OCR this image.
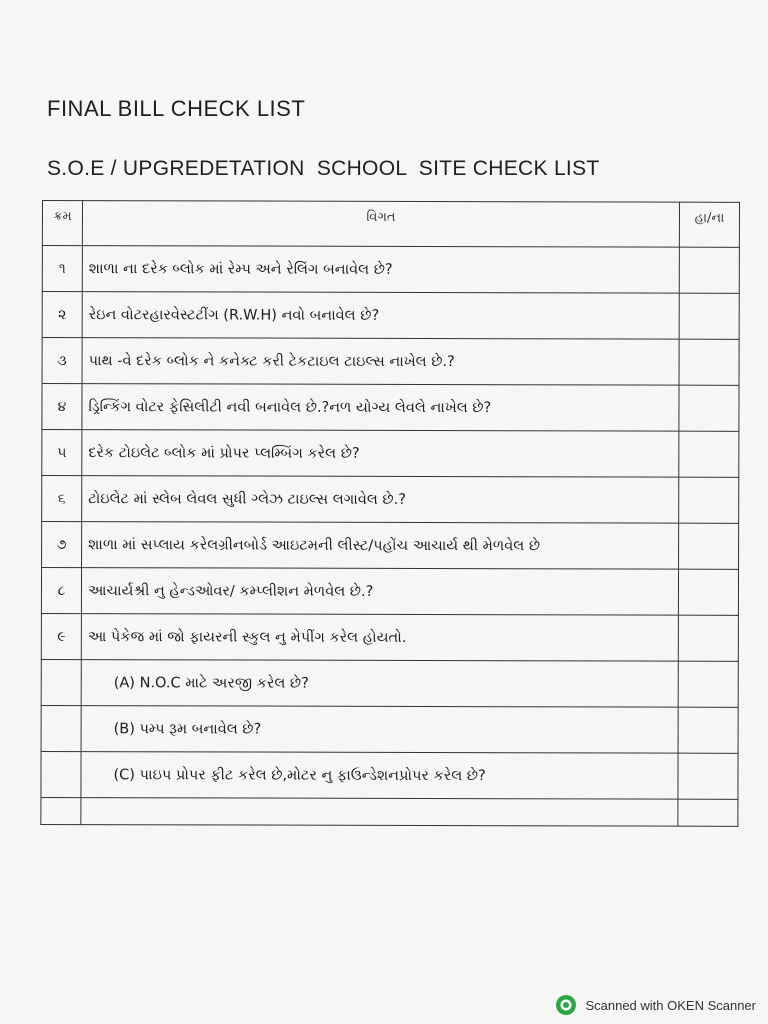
FINAL BILL CHECK LIST
S.O.E / UPGREDETATION  SCHOOL  SITE CHECK LIST
ક્રમ	વિગત	હા/ના

૧	શાળા ના દરેક બ્લોક માં રેમ્પ અને રેલિંગ બનાવેલ છે?	
૨	રેઇન વોટરહારવેસ્ટટીંગ (R.W.H) નવો બનાવેલ છે?	
૩	પાથ -વે દરેક બ્લોક ને કનેક્ટ કરી ટેકટાઇલ ટાઇલ્સ નાખેલ છે.?	
૪	ડ્રિન્કિંગ વોટર ફેસિલીટી નવી બનાવેલ છે.?નળ યોગ્ય લેવલે નાખેલ છે?	
૫	દરેક ટોઇલેટ બ્લોક માં પ્રોપર પ્લમ્બિંગ કરેલ છે?	
૬	ટોઇલેટ માં સ્લેબ લેવલ સુધી ગ્લેઝ ટાઇલ્સ લગાવેલ છે.?	
૭	શાળા માં સપ્લાય કરેલગ્રીનબોર્ડ આઇટમની લીસ્ટ/પહોંચ આચાર્ય થી મેળવેલ છે	
૮	આચાર્યશ્રી નુ હેન્ડઓવર/ કમ્પ્લીશન મેળવેલ છે.?	
૯	આ પેકેજ માં જો ફાયરની સ્કુલ નુ મેપીંગ કરેલ હોયતો.	
	(A) N.O.C માટે અરજી કરેલ છે?	
	(B) પમ્પ રૂમ બનાવેલ છે?	
	(C) પાઇપ પ્રોપર ફીટ કરેલ છે,મોટર નુ ફાઉન્ડેશનપ્રોપર કરેલ છે?	

Scanned with OKEN Scanner
